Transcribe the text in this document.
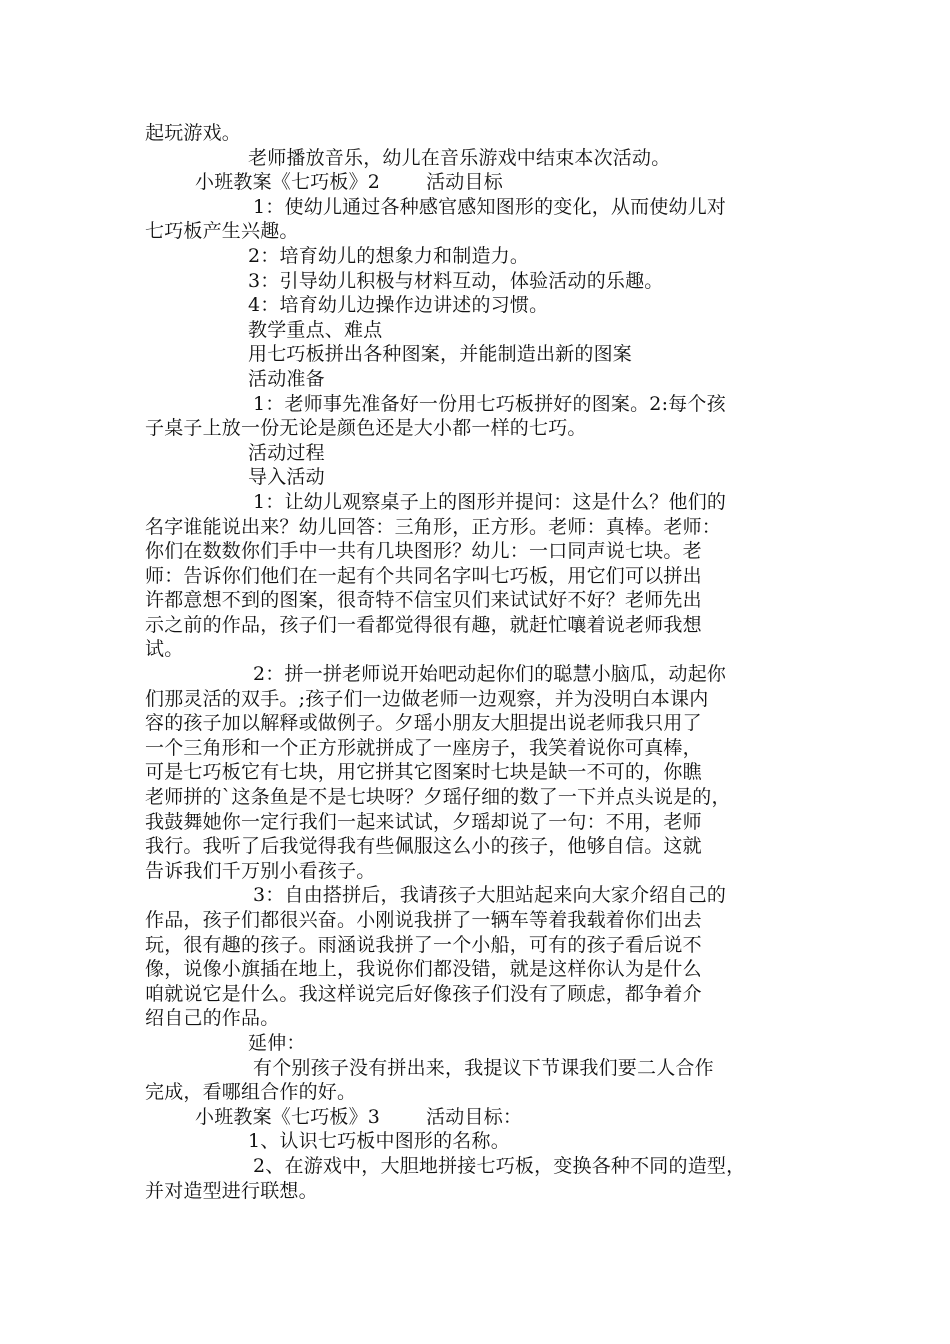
起玩游戏。
老师播放音乐，幼儿在音乐游戏中结束本次活动。
小班教案《七巧板》2 活动目标
1：使幼儿通过各种感官感知图形的变化，从而使幼儿对
七巧板产生兴趣。
2：培育幼儿的想象力和制造力。
3：引导幼儿积极与材料互动，体验活动的乐趣。
4：培育幼儿边操作边讲述的习惯。
教学重点、难点
用七巧板拼出各种图案，并能制造出新的图案
活动准备
1：老师事先准备好一份用七巧板拼好的图案。2:每个孩
子桌子上放一份无论是颜色还是大小都一样的七巧。
活动过程
导入活动
1：让幼儿观察桌子上的图形并提问：这是什么？他们的
名字谁能说出来？幼儿回答：三角形，正方形。老师：真棒。老师：
你们在数数你们手中一共有几块图形？幼儿：一口同声说七块。老
师：告诉你们他们在一起有个共同名字叫七巧板，用它们可以拼出
许都意想不到的图案，很奇特不信宝贝们来试试好不好？老师先出
示之前的作品，孩子们一看都觉得很有趣，就赶忙嚷着说老师我想
试。
2：拼一拼老师说开始吧动起你们的聪慧小脑瓜，动起你
们那灵活的双手。;孩子们一边做老师一边观察，并为没明白本课内
容的孩子加以解释或做例子。夕瑶小朋友大胆提出说老师我只用了
一个三角形和一个正方形就拼成了一座房子，我笑着说你可真棒，
可是七巧板它有七块，用它拼其它图案时七块是缺一不可的，你瞧
老师拼的`这条鱼是不是七块呀？夕瑶仔细的数了一下并点头说是的，
我鼓舞她你一定行我们一起来试试，夕瑶却说了一句：不用，老师
我行。我听了后我觉得我有些佩服这么小的孩子，他够自信。这就
告诉我们千万别小看孩子。
3：自由搭拼后，我请孩子大胆站起来向大家介绍自己的
作品，孩子们都很兴奋。小刚说我拼了一辆车等着我载着你们出去
玩，很有趣的孩子。雨涵说我拼了一个小船，可有的孩子看后说不
像，说像小旗插在地上，我说你们都没错，就是这样你认为是什么
咱就说它是什么。我这样说完后好像孩子们没有了顾虑，都争着介
绍自己的作品。
延伸：
有个别孩子没有拼出来，我提议下节课我们要二人合作
完成，看哪组合作的好。
小班教案《七巧板》3 活动目标：
1、认识七巧板中图形的名称。
2、在游戏中，大胆地拼接七巧板，变换各种不同的造型，
并对造型进行联想。
